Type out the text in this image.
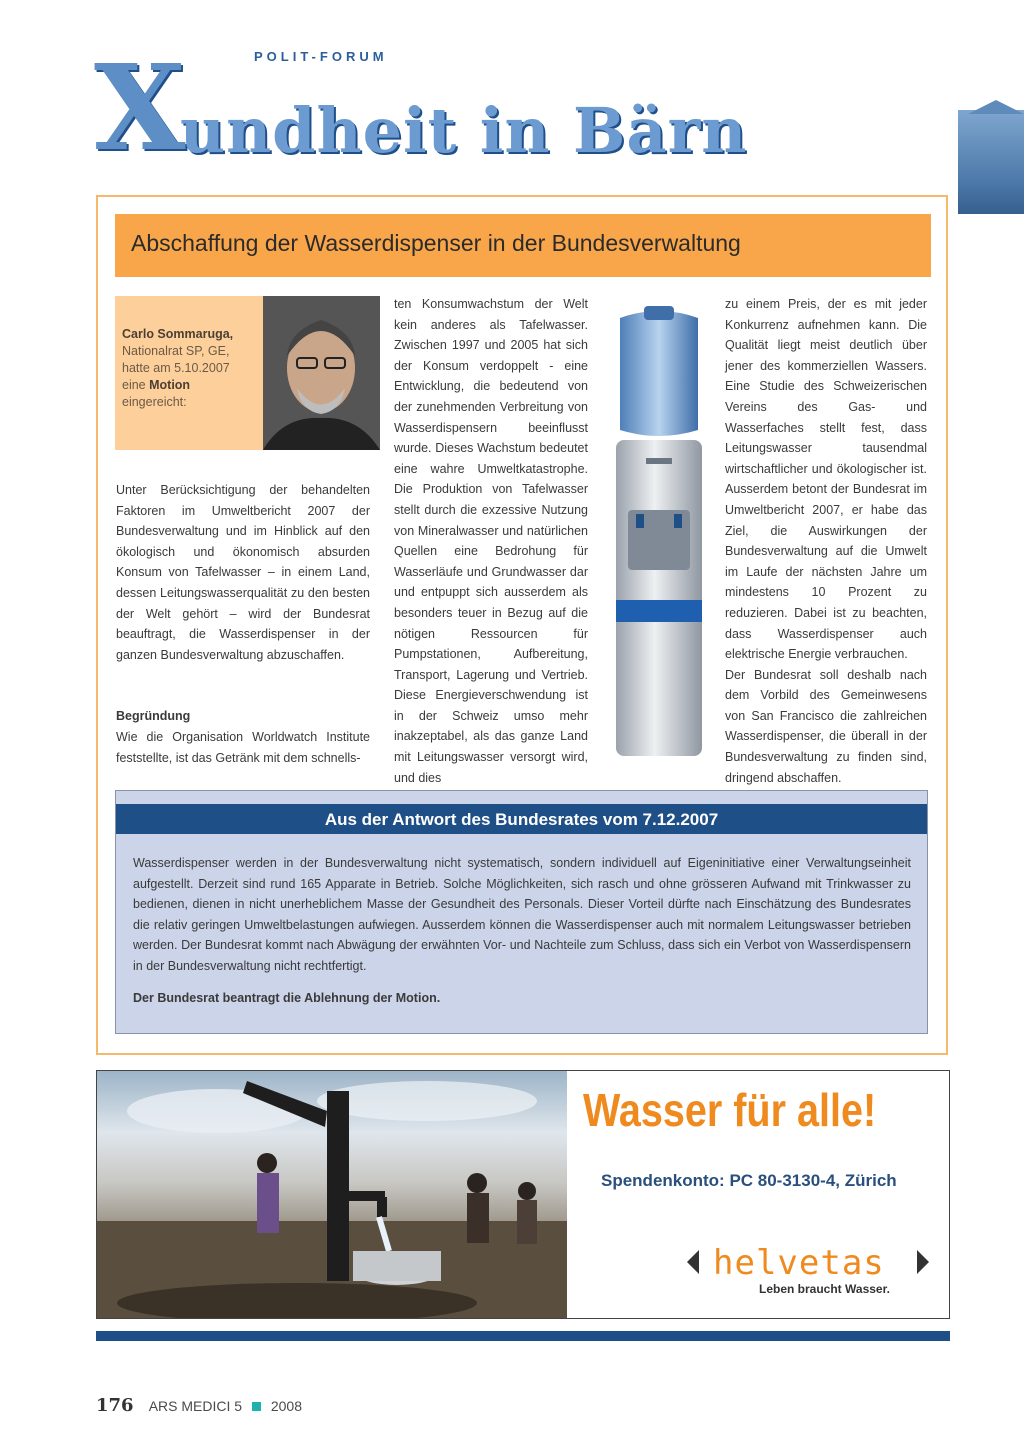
X
undheit in Bärn
POLIT-FORUM
Abschaffung der Wasserdispenser in der Bundesverwaltung
Carlo Sommaruga,
Nationalrat SP, GE,
hatte am 5.10.2007
eine Motion
eingereicht:

Unter Berücksichtigung der behandelten Faktoren im Umweltbericht 2007 der Bundesverwaltung und im Hinblick auf den ökologisch und ökonomisch absurden Konsum von Tafelwasser – in einem Land, dessen Leitungswasserqualität zu den besten der Welt gehört – wird der Bundesrat beauftragt, die Wasserdispenser in der ganzen Bundesverwaltung abzuschaffen.

Begründung

Wie die Organisation Worldwatch Institute feststellte, ist das Getränk mit dem schnells-

ten Konsumwachstum der Welt kein anderes als Tafelwasser. Zwischen 1997 und 2005 hat sich der Konsum verdoppelt - eine Entwicklung, die bedeutend von der zunehmenden Verbreitung von Wasserdispensern beeinflusst wurde. Dieses Wachstum bedeutet eine wahre Umweltkatastrophe. Die Produktion von Tafelwasser stellt durch die exzessive Nutzung von Mineralwasser und natürlichen Quellen eine Bedrohung für Wasserläufe und Grundwasser dar und entpuppt sich ausserdem als besonders teuer in Bezug auf die nötigen Ressourcen für Pumpstationen, Aufbereitung, Transport, Lagerung und Vertrieb. Diese Energieverschwendung ist in der Schweiz umso mehr inakzeptabel, als das ganze Land mit Leitungswasser versorgt wird, und dies

zu einem Preis, der es mit jeder Konkurrenz aufnehmen kann. Die Qualität liegt meist deutlich über jener des kommerziellen Wassers. Eine Studie des Schweizerischen Vereins des Gas- und Wasserfaches stellt fest, dass Leitungswasser tausendmal wirtschaftlicher und ökologischer ist. Ausserdem betont der Bundesrat im Umweltbericht 2007, er habe das Ziel, die Auswirkungen der Bundesverwaltung auf die Umwelt im Laufe der nächsten Jahre um mindestens 10 Prozent zu reduzieren. Dabei ist zu beachten, dass Wasserdispenser auch elektrische Energie verbrauchen.

Der Bundesrat soll deshalb nach dem Vorbild des Gemeinwesens von San Francisco die zahlreichen Wasserdispenser, die überall in der Bundesverwaltung zu finden sind, dringend abschaffen.

Aus der Antwort des Bundesrates vom 7.12.2007

Wasserdispenser werden in der Bundesverwaltung nicht systematisch, sondern individuell auf Eigeninitiative einer Verwaltungseinheit aufgestellt. Derzeit sind rund 165 Apparate in Betrieb. Solche Möglichkeiten, sich rasch und ohne grösseren Aufwand mit Trinkwasser zu bedienen, dienen in nicht unerheblichem Masse der Gesundheit des Personals. Dieser Vorteil dürfte nach Einschätzung des Bundesrates die relativ geringen Umweltbelastungen aufwiegen. Ausserdem können die Wasserdispenser auch mit normalem Leitungswasser betrieben werden. Der Bundesrat kommt nach Abwägung der erwähnten Vor- und Nachteile zum Schluss, dass sich ein Verbot von Wasserdispensern in der Bundesverwaltung nicht rechtfertigt.

Der Bundesrat beantragt die Ablehnung der Motion.

Wasser für alle!
Spendenkonto: PC 80-3130-4, Zürich
helvetas
Leben braucht Wasser.
176 ARS MEDICI 5 2008
